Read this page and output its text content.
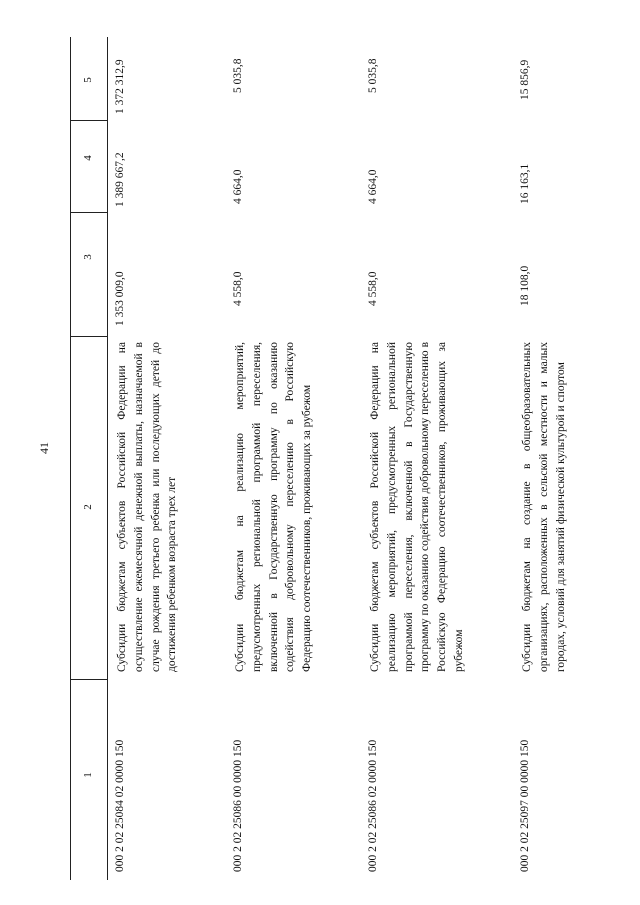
41
1
2
3
4
5
000 2 02 25084 02 0000 150
Субсидии бюджетам субъектов Российской Федерации на осуществление ежемесячной денежной выплаты, назначаемой в случае рождения третьего ребенка или последующих детей до достижения ребенком возраста трех лет
1 353 009,0
1 389 667,2
1 372 312,9
000 2 02 25086 00 0000 150
Субсидии бюджетам на реализацию мероприятий, предусмотренных региональной программой переселения, включенной в Государственную программу по оказанию содействия добровольному переселению в Российскую Федерацию соотечественников, проживающих за рубежом
4 558,0
4 664,0
5 035,8
000 2 02 25086 02 0000 150
Субсидии бюджетам субъектов Российской Федерации на реализацию мероприятий, предусмотренных региональной программой переселения, включенной в Государственную программу по оказанию содействия добровольному переселению в Российскую Федерацию соотечественников, проживающих за рубежом
4 558,0
4 664,0
5 035,8
000 2 02 25097 00 0000 150
Субсидии бюджетам на создание в общеобразовательных организациях, расположенных в сельской местности и малых городах, условий для занятий физической культурой и спортом
18 108,0
16 163,1
15 856,9
